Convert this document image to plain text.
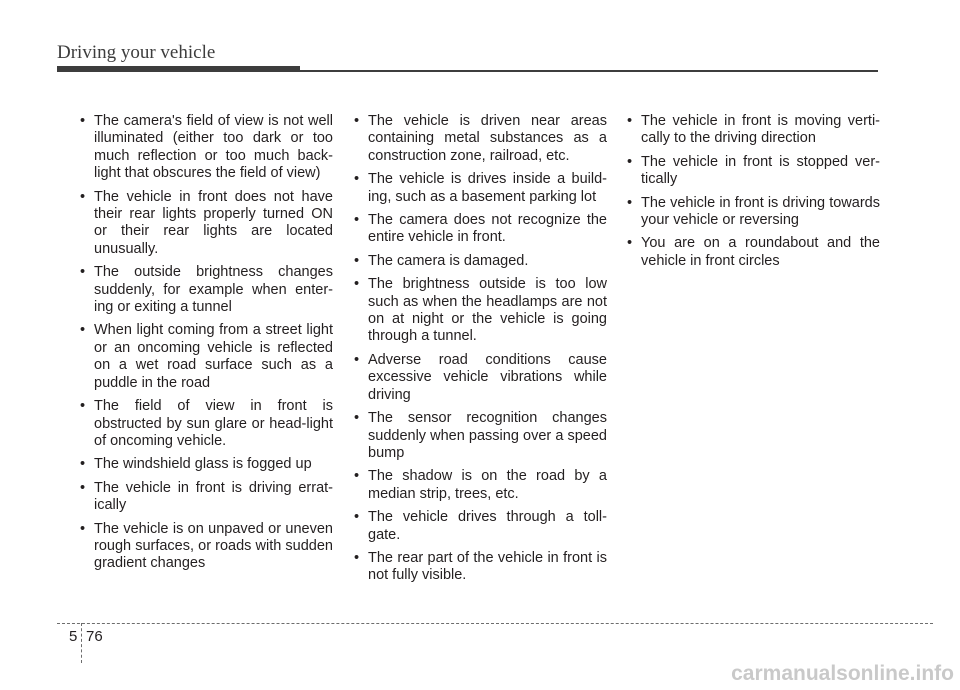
Driving your vehicle
• The camera's field of view is not well illuminated (either too dark or too much reflection or too much back-light that obscures the field of view)
• The vehicle in front does not have their rear lights properly turned ON or their rear lights are located unusually.
• The outside brightness changes suddenly, for example when enter-ing or exiting a tunnel
• When light coming from a street light or an oncoming vehicle is reflected on a wet road surface such as a puddle in the road
• The field of view in front is obstructed by sun glare or head-light of oncoming vehicle.
• The windshield glass is fogged up
• The vehicle in front is driving errat-ically
• The vehicle is on unpaved or uneven rough surfaces, or roads with sudden gradient changes
• The vehicle is driven near areas containing metal substances as a construction zone, railroad, etc.
• The vehicle is drives inside a build-ing, such as a basement parking lot
• The camera does not recognize the entire vehicle in front.
• The camera is damaged.
• The brightness outside is too low such as when the headlamps are not on at night or the vehicle is going through a tunnel.
• Adverse road conditions cause excessive vehicle vibrations while driving
• The sensor recognition changes suddenly when passing over a speed bump
• The shadow is on the road by a median strip, trees, etc.
• The vehicle drives through a toll-gate.
• The rear part of the vehicle in front is not fully visible.
• The vehicle in front is moving verti-cally to the driving direction
• The vehicle in front is stopped ver-tically
• The vehicle in front is driving towards your vehicle or reversing
• You are on a roundabout and the vehicle in front circles
5 76
carmanualsonline.info
